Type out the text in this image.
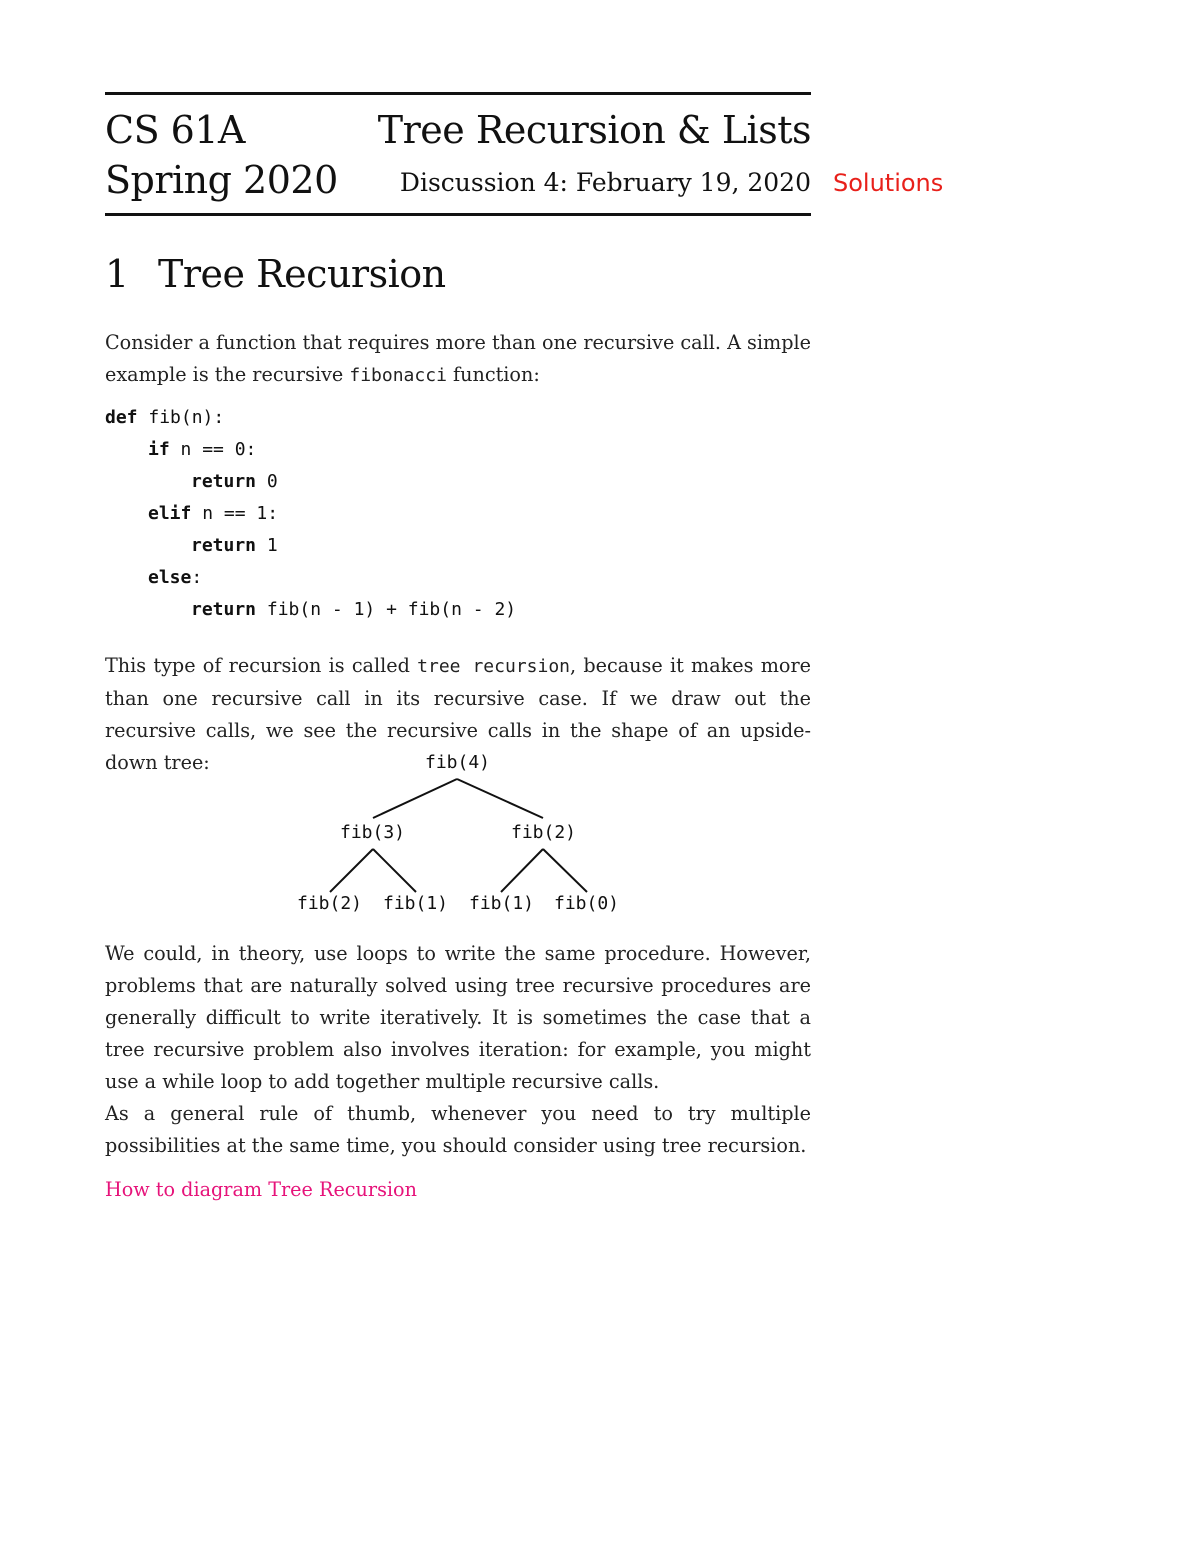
CS 61A	Tree Recursion & Lists
Spring 2020 Discussion 4: February 19, 2020 Solutions
1 Tree Recursion
Consider a function that requires more than one recursive call. A simple
example is the recursive fibonacci function:
def fib(n):
if n == 0:
return 0
elif n == 1:
return 1
else:
return fib(n - 1) + fib(n - 2)
This type of recursion is called tree recursion, because it makes more than one recursive call in its recursive case. If we draw out the recursive calls, we see the recursive calls in the shape of an upside-down tree:	fib(4)
fib(3)	fib(2)
fib(2) fib(1) fib(1) fib(0)
We could, in theory, use loops to write the same procedure. However, problems that are naturally solved using tree recursive procedures are generally difficult to write iteratively. It is sometimes the case that a tree recursive problem also involves iteration: for example, you might use a while loop to add together multiple recursive calls.
As a general rule of thumb, whenever you need to try multiple possibilities at the same time, you should consider using tree recursion.
How to diagram Tree Recursion
